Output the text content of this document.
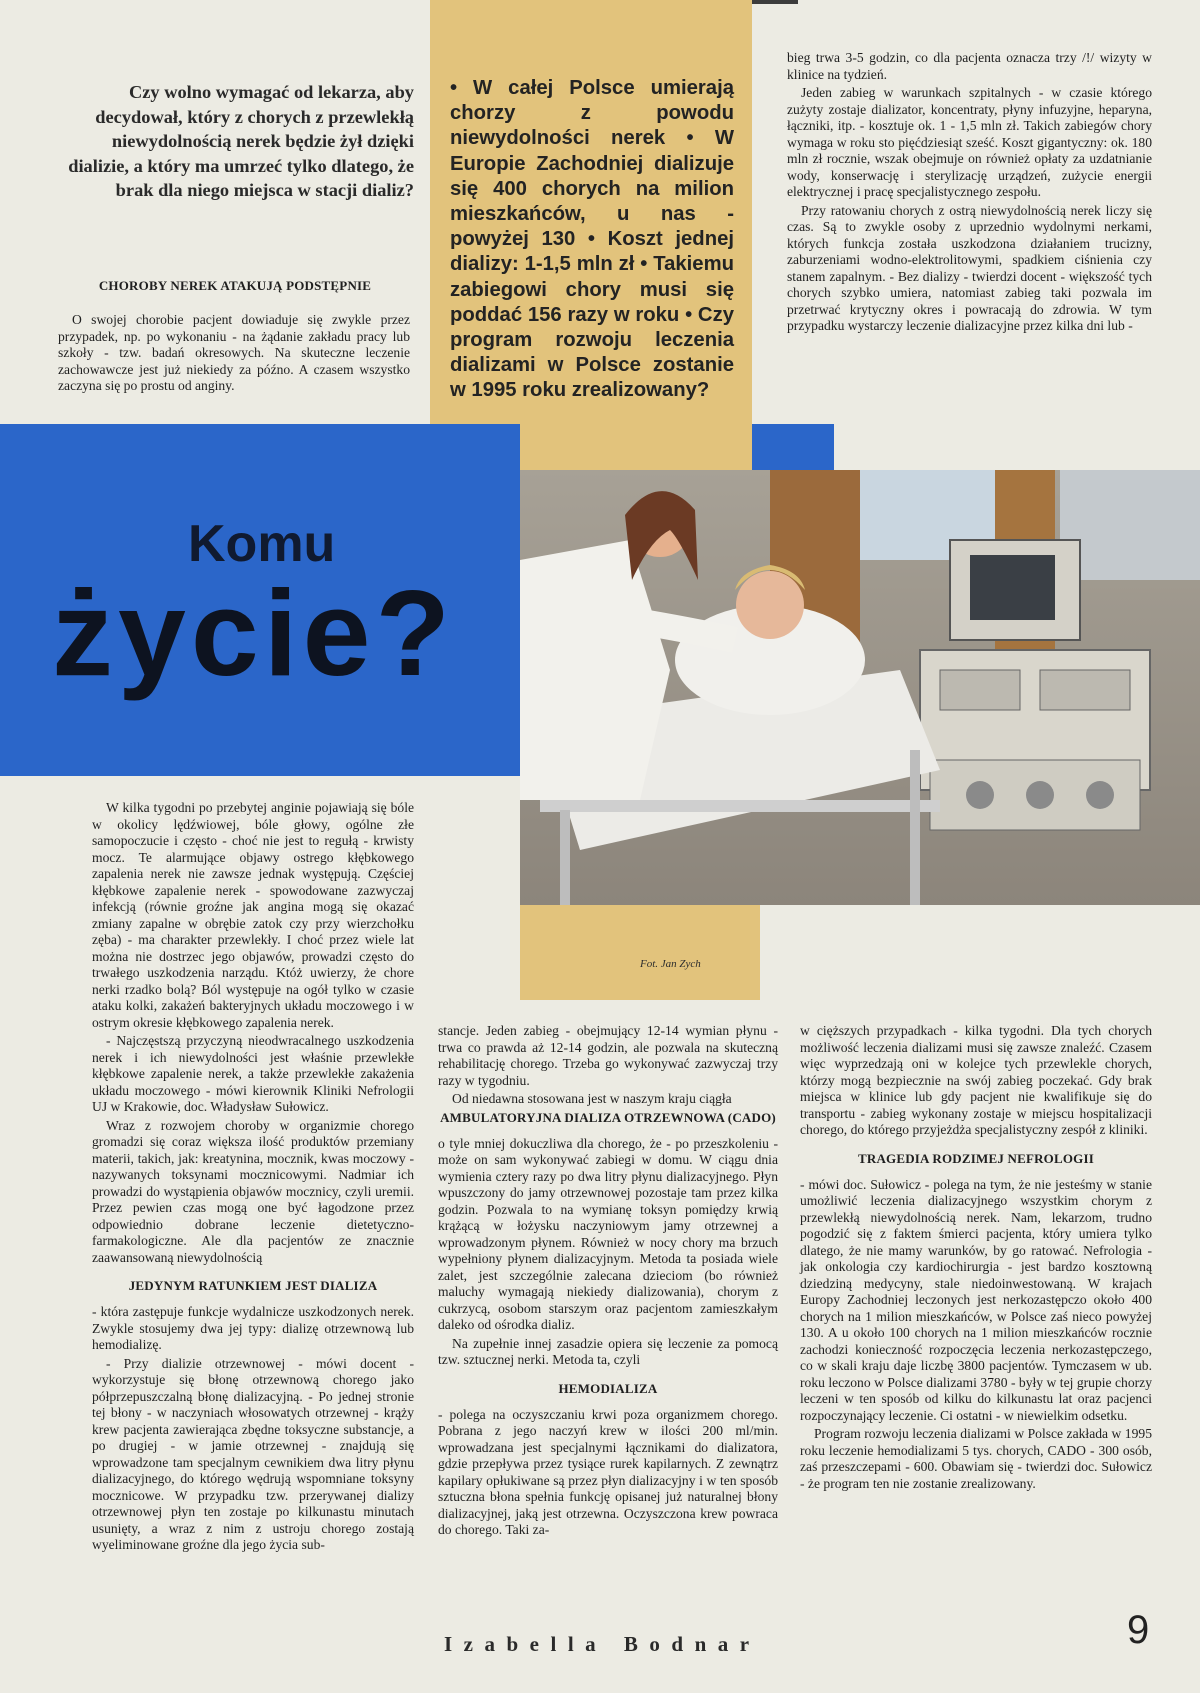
Czy wolno wymagać od lekarza, aby decydował, który z chorych z przewlekłą niewydolnością nerek będzie żył dzięki dializie, a który ma umrzeć tylko dlatego, że brak dla niego miejsca w stacji dializ?
CHOROBY NEREK ATAKUJĄ PODSTĘPNIE

O swojej chorobie pacjent dowiaduje się zwykle przez przypadek, np. po wykonaniu - na żądanie zakładu pracy lub szkoły - tzw. badań okresowych. Na skuteczne leczenie zachowawcze jest już niekiedy za późno. A czasem wszystko zaczyna się po prostu od anginy.

• W całej Polsce umierają chorzy z powodu niewydolności nerek • W Europie Zachodniej dializuje się 400 chorych na milion mieszkańców, u nas - powyżej 130 • Koszt jednej dializy: 1-1,5 mln zł • Takiemu zabiegowi chory musi się poddać 156 razy w roku • Czy program rozwoju leczenia dializami w Polsce zostanie w 1995 roku zrealizowany?
Komu
życie?
Fot. Jan Zych

bieg trwa 3-5 godzin, co dla pacjenta oznacza trzy /!/ wizyty w klinice na tydzień.

Jeden zabieg w warunkach szpitalnych - w czasie którego zużyty zostaje dializator, koncentraty, płyny infuzyjne, heparyna, łączniki, itp. - kosztuje ok. 1 - 1,5 mln zł. Takich zabiegów chory wymaga w roku sto pięćdziesiąt sześć. Koszt gigantyczny: ok. 180 mln zł rocznie, wszak obejmuje on również opłaty za uzdatnianie wody, konserwację i sterylizację urządzeń, zużycie energii elektrycznej i pracę specjalistycznego zespołu.

Przy ratowaniu chorych z ostrą niewydolnością nerek liczy się czas. Są to zwykle osoby z uprzednio wydolnymi nerkami, których funkcja została uszkodzona działaniem trucizny, zaburzeniami wodno-elektrolitowymi, spadkiem ciśnienia czy stanem zapalnym. - Bez dializy - twierdzi docent - większość tych chorych szybko umiera, natomiast zabieg taki pozwala im przetrwać krytyczny okres i powracają do zdrowia. W tym przypadku wystarczy leczenie dializacyjne przez kilka dni lub -

W kilka tygodni po przebytej anginie pojawiają się bóle w okolicy lędźwiowej, bóle głowy, ogólne złe samopoczucie i często - choć nie jest to regułą - krwisty mocz. Te alarmujące objawy ostrego kłębkowego zapalenia nerek nie zawsze jednak występują. Częściej kłębkowe zapalenie nerek - spowodowane zazwyczaj infekcją (równie groźne jak angina mogą się okazać zmiany zapalne w obrębie zatok czy przy wierzchołku zęba) - ma charakter przewlekły. I choć przez wiele lat można nie dostrzec jego objawów, prowadzi często do trwałego uszkodzenia narządu. Któż uwierzy, że chore nerki rzadko bolą? Ból występuje na ogół tylko w czasie ataku kolki, zakażeń bakteryjnych układu moczowego i w ostrym okresie kłębkowego zapalenia nerek.

- Najczęstszą przyczyną nieodwracalnego uszkodzenia nerek i ich niewydolności jest właśnie przewlekłe kłębkowe zapalenie nerek, a także przewlekłe zakażenia układu moczowego - mówi kierownik Kliniki Nefrologii UJ w Krakowie, doc. Władysław Sułowicz.

Wraz z rozwojem choroby w organizmie chorego gromadzi się coraz większa ilość produktów przemiany materii, takich, jak: kreatynina, mocznik, kwas moczowy - nazywanych toksynami mocznicowymi. Nadmiar ich prowadzi do wystąpienia objawów mocznicy, czyli uremii. Przez pewien czas mogą one być łagodzone przez odpowiednio dobrane leczenie dietetyczno-farmakologiczne. Ale dla pacjentów ze znacznie zaawansowaną niewydolnością

JEDYNYM RATUNKIEM JEST DIALIZA

- która zastępuje funkcje wydalnicze uszkodzonych nerek. Zwykle stosujemy dwa jej typy: dializę otrzewnową lub hemodializę.

- Przy dializie otrzewnowej - mówi docent - wykorzystuje się błonę otrzewnową chorego jako półprzepuszczalną błonę dializacyjną. - Po jednej stronie tej błony - w naczyniach włosowatych otrzewnej - krąży krew pacjenta zawierająca zbędne toksyczne substancje, a po drugiej - w jamie otrzewnej - znajdują się wprowadzone tam specjalnym cewnikiem dwa litry płynu dializacyjnego, do którego wędrują wspomniane toksyny mocznicowe. W przypadku tzw. przerywanej dializy otrzewnowej płyn ten zostaje po kilkunastu minutach usunięty, a wraz z nim z ustroju chorego zostają wyeliminowane groźne dla jego życia sub-

stancje. Jeden zabieg - obejmujący 12-14 wymian płynu - trwa co prawda aż 12-14 godzin, ale pozwala na skuteczną rehabilitację chorego. Trzeba go wykonywać zazwyczaj trzy razy w tygodniu.

Od niedawna stosowana jest w naszym kraju ciągła

AMBULATORYJNA DIALIZA OTRZEWNOWA (CADO)

o tyle mniej dokuczliwa dla chorego, że - po przeszkoleniu - może on sam wykonywać zabiegi w domu. W ciągu dnia wymienia cztery razy po dwa litry płynu dializacyjnego. Płyn wpuszczony do jamy otrzewnowej pozostaje tam przez kilka godzin. Pozwala to na wymianę toksyn pomiędzy krwią krążącą w łożysku naczyniowym jamy otrzewnej a wprowadzonym płynem. Również w nocy chory ma brzuch wypełniony płynem dializacyjnym. Metoda ta posiada wiele zalet, jest szczególnie zalecana dzieciom (bo również maluchy wymagają niekiedy dializowania), chorym z cukrzycą, osobom starszym oraz pacjentom zamieszkałym daleko od ośrodka dializ.

Na zupełnie innej zasadzie opiera się leczenie za pomocą tzw. sztucznej nerki. Metoda ta, czyli

HEMODIALIZA

- polega na oczyszczaniu krwi poza organizmem chorego. Pobrana z jego naczyń krew w ilości 200 ml/min. wprowadzana jest specjalnymi łącznikami do dializatora, gdzie przepływa przez tysiące rurek kapilarnych. Z zewnątrz kapilary opłukiwane są przez płyn dializacyjny i w ten sposób sztuczna błona spełnia funkcję opisanej już naturalnej błony dializacyjnej, jaką jest otrzewna. Oczyszczona krew powraca do chorego. Taki za-

w cięższych przypadkach - kilka tygodni. Dla tych chorych możliwość leczenia dializami musi się zawsze znaleźć. Czasem więc wyprzedzają oni w kolejce tych przewlekle chorych, którzy mogą bezpiecznie na swój zabieg poczekać. Gdy brak miejsca w klinice lub gdy pacjent nie kwalifikuje się do transportu - zabieg wykonany zostaje w miejscu hospitalizacji chorego, do którego przyjeżdża specjalistyczny zespół z kliniki.

TRAGEDIA RODZIMEJ NEFROLOGII

- mówi doc. Sułowicz - polega na tym, że nie jesteśmy w stanie umożliwić leczenia dializacyjnego wszystkim chorym z przewlekłą niewydolnością nerek. Nam, lekarzom, trudno pogodzić się z faktem śmierci pacjenta, który umiera tylko dlatego, że nie mamy warunków, by go ratować. Nefrologia - jak onkologia czy kardiochirurgia - jest bardzo kosztowną dziedziną medycyny, stale niedoinwestowaną. W krajach Europy Zachodniej leczonych jest nerkozastępczo około 400 chorych na 1 milion mieszkańców, w Polsce zaś nieco powyżej 130. A u około 100 chorych na 1 milion mieszkańców rocznie zachodzi konieczność rozpoczęcia leczenia nerkozastępczego, co w skali kraju daje liczbę 3800 pacjentów. Tymczasem w ub. roku leczono w Polsce dializami 3780 - były w tej grupie chorzy leczeni w ten sposób od kilku do kilkunastu lat oraz pacjenci rozpoczynający leczenie. Ci ostatni - w niewielkim odsetku.

Program rozwoju leczenia dializami w Polsce zakłada w 1995 roku leczenie hemodializami 5 tys. chorych, CADO - 300 osób, zaś przeszczepami - 600. Obawiam się - twierdzi doc. Sułowicz - że program ten nie zostanie zrealizowany.

Izabella Bodnar	9
